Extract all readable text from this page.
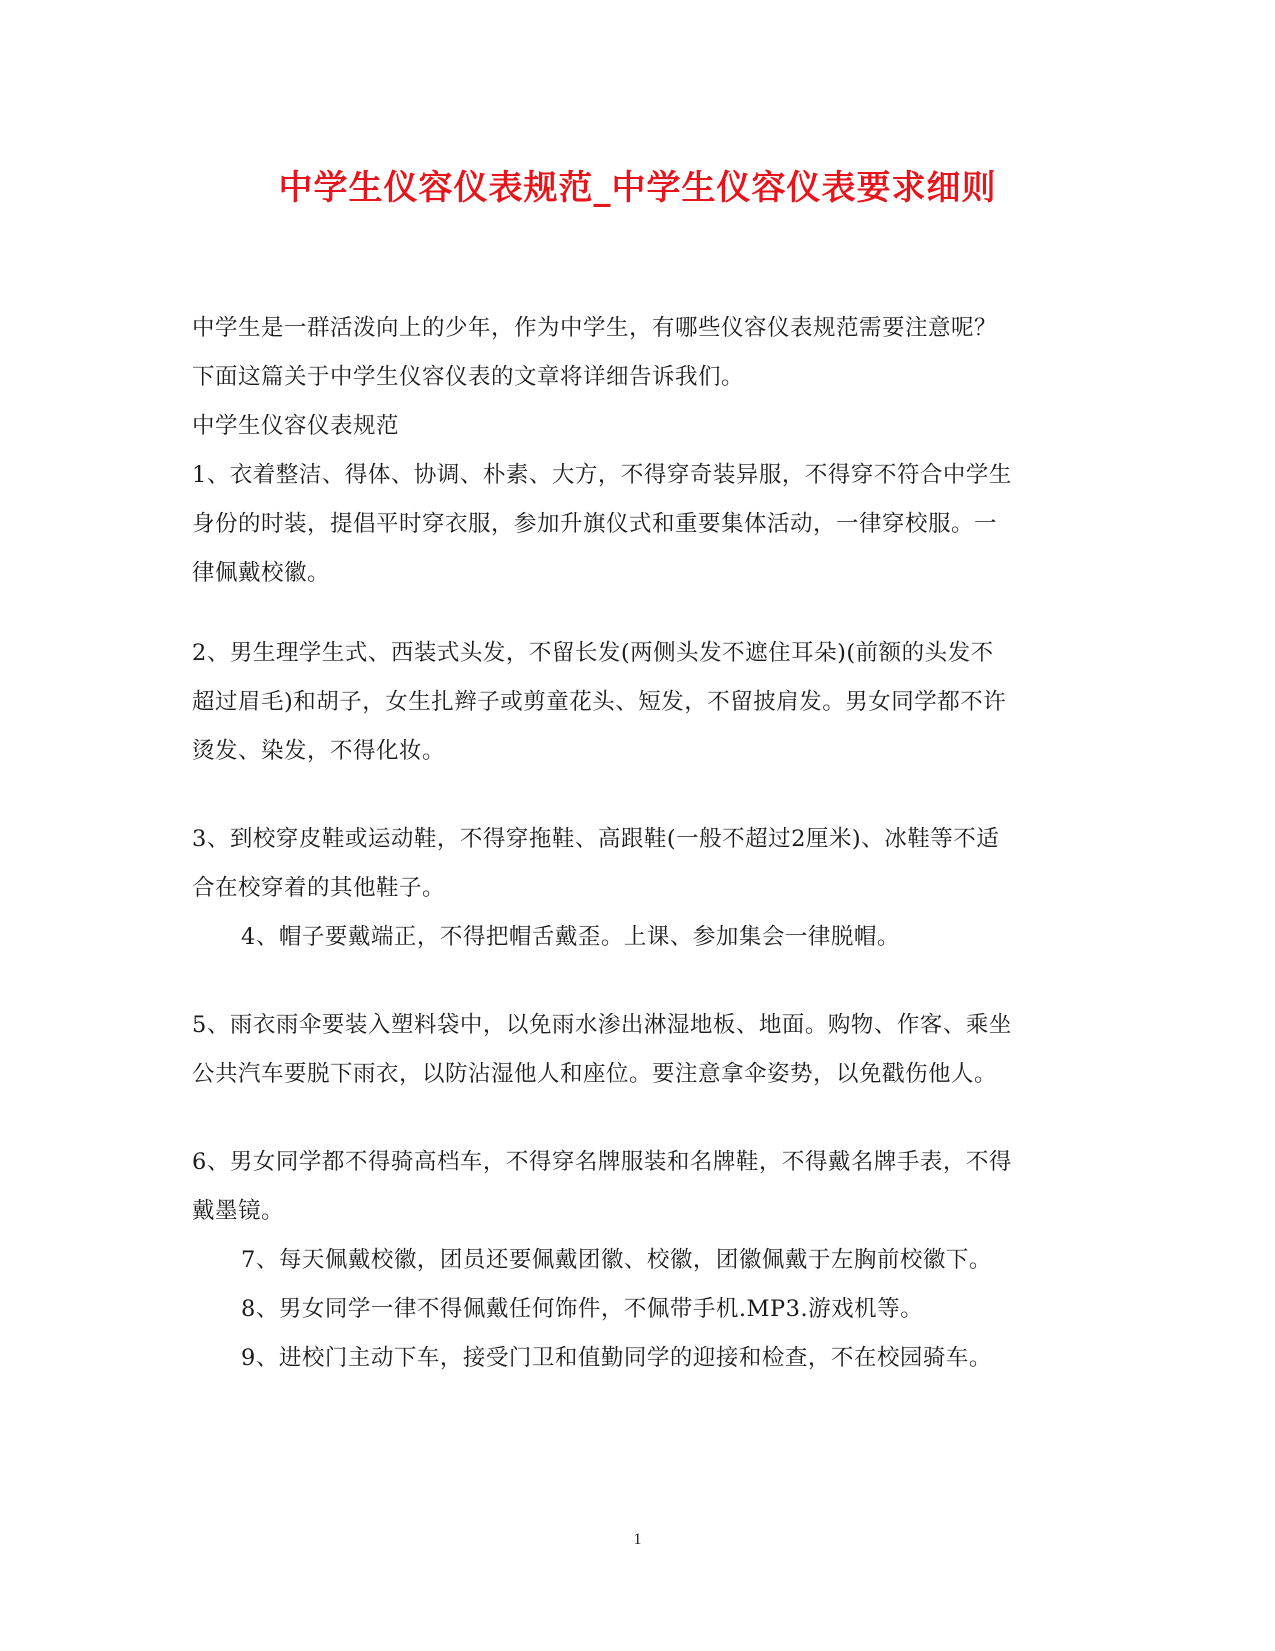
中学生仪容仪表规范_中学生仪容仪表要求细则

中学生是一群活泼向上的少年，作为中学生，有哪些仪容仪表规范需要注意呢？

下面这篇关于中学生仪容仪表的文章将详细告诉我们。

中学生仪容仪表规范

1、衣着整洁、得体、协调、朴素、大方，不得穿奇装异服，不得穿不符合中学生

身份的时装，提倡平时穿衣服，参加升旗仪式和重要集体活动，一律穿校服。一

律佩戴校徽。

2、男生理学生式、西装式头发，不留长发(两侧头发不遮住耳朵)(前额的头发不

超过眉毛)和胡子，女生扎辫子或剪童花头、短发，不留披肩发。男女同学都不许

烫发、染发，不得化妆。

3、到校穿皮鞋或运动鞋，不得穿拖鞋、高跟鞋(一般不超过2厘米)、冰鞋等不适

合在校穿着的其他鞋子。

4、帽子要戴端正，不得把帽舌戴歪。上课、参加集会一律脱帽。

5、雨衣雨伞要装入塑料袋中，以免雨水渗出淋湿地板、地面。购物、作客、乘坐

公共汽车要脱下雨衣，以防沾湿他人和座位。要注意拿伞姿势，以免戳伤他人。

6、男女同学都不得骑高档车，不得穿名牌服装和名牌鞋，不得戴名牌手表，不得

戴墨镜。

7、每天佩戴校徽，团员还要佩戴团徽、校徽，团徽佩戴于左胸前校徽下。

8、男女同学一律不得佩戴任何饰件，不佩带手机.MP3.游戏机等。

9、进校门主动下车，接受门卫和值勤同学的迎接和检查，不在校园骑车。

1
